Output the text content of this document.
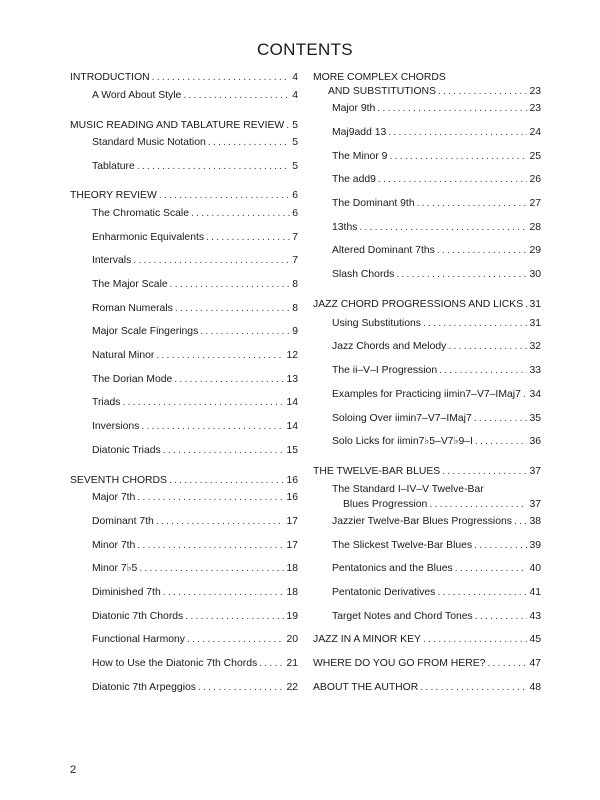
CONTENTS
INTRODUCTION .....	4
A Word About Style .....	4
MUSIC READING AND TABLATURE REVIEW ..... 5
Standard Music Notation .....	5
Tablature .....	5
THEORY REVIEW .....	6
The Chromatic Scale .....	6
Enharmonic Equivalents .....	7
Intervals .....	7
The Major Scale .....	8
Roman Numerals .....	8
Major Scale Fingerings .....	9
Natural Minor .....	12
The Dorian Mode .....	13
Triads .....	14
Inversions .....	14
Diatonic Triads .....	15
SEVENTH CHORDS .....	16
Major 7th .....	16
Dominant 7th .....	17
Minor 7th .....	17
Minor 7♭5 .....	18
Diminished 7th .....	18
Diatonic 7th Chords .....	19
Functional Harmony .....	20
How to Use the Diatonic 7th Chords .....	21
Diatonic 7th Arpeggios .....	22
MORE COMPLEX CHORDS
AND SUBSTITUTIONS .....	23
Major 9th .....	23
Maj9add 13 .....	24
The Minor 9 .....	25
The add9 .....	26
The Dominant 9th .....	27
13ths .....	28
Altered Dominant 7ths .....	29
Slash Chords .....	30
JAZZ CHORD PROGRESSIONS AND LICKS ..... 31
Using Substitutions .....	31
Jazz Chords and Melody .....	32
The ii–V–I Progression .....	33
Examples for Practicing iimin7–V7–IMaj7 ..... 34
Soloing Over iimin7–V7–IMaj7 .....	35
Solo Licks for iimin7♭5–V7♭9–I .....	36
THE TWELVE-BAR BLUES .....	37
The Standard I–IV–V Twelve-Bar
Blues Progression .....	37
Jazzier Twelve-Bar Blues Progressions ..... 38
The Slickest Twelve-Bar Blues .....	39
Pentatonics and the Blues .....	40
Pentatonic Derivatives .....	41
Target Notes and Chord Tones .....	43
JAZZ IN A MINOR KEY .....	45
WHERE DO YOU GO FROM HERE? .....	47
ABOUT THE AUTHOR .....	48
2
